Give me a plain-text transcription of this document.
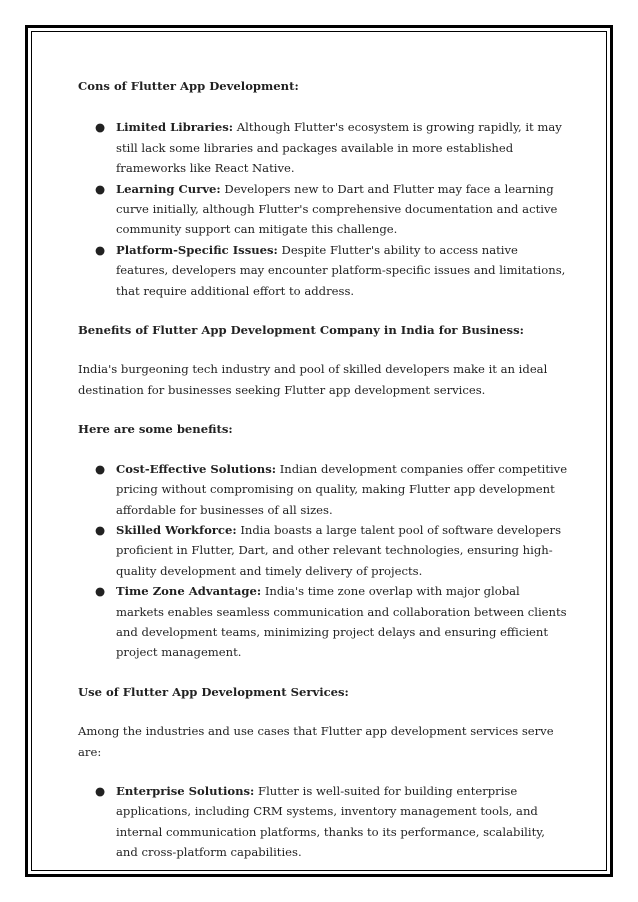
Cons of Flutter App Development:

● Limited Libraries: Although Flutter's ecosystem is growing rapidly, it may still lack some libraries and packages available in more established frameworks like React Native.
● Learning Curve: Developers new to Dart and Flutter may face a learning curve initially, although Flutter's comprehensive documentation and active community support can mitigate this challenge.
● Platform-Specific Issues: Despite Flutter's ability to access native features, developers may encounter platform-specific issues and limitations, that require additional effort to address.

Benefits of Flutter App Development Company in India for Business:

India's burgeoning tech industry and pool of skilled developers make it an ideal destination for businesses seeking Flutter app development services.

Here are some benefits:

● Cost-Effective Solutions: Indian development companies offer competitive pricing without compromising on quality, making Flutter app development affordable for businesses of all sizes.
● Skilled Workforce: India boasts a large talent pool of software developers proficient in Flutter, Dart, and other relevant technologies, ensuring high-quality development and timely delivery of projects.
● Time Zone Advantage: India's time zone overlap with major global markets enables seamless communication and collaboration between clients and development teams, minimizing project delays and ensuring efficient project management.

Use of Flutter App Development Services:

Among the industries and use cases that Flutter app development services serve are:

● Enterprise Solutions: Flutter is well-suited for building enterprise applications, including CRM systems, inventory management tools, and internal communication platforms, thanks to its performance, scalability, and cross-platform capabilities.
